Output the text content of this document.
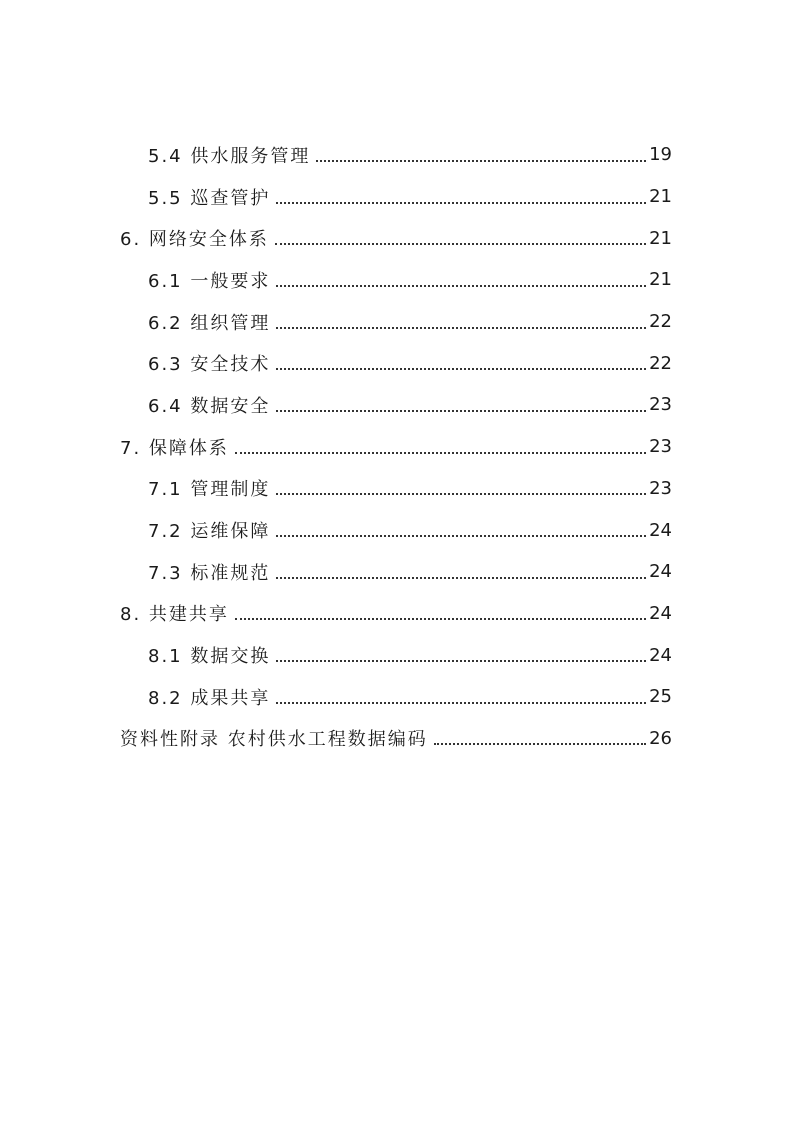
5.4 供水服务管理	19
5.5 巡查管护	21
6. 网络安全体系	21
6.1 一般要求	21
6.2 组织管理	22
6.3 安全技术	22
6.4 数据安全	23
7. 保障体系	23
7.1 管理制度	23
7.2 运维保障	24
7.3 标准规范	24
8. 共建共享	24
8.1 数据交换	24
8.2 成果共享	25
资料性附录 农村供水工程数据编码	26
